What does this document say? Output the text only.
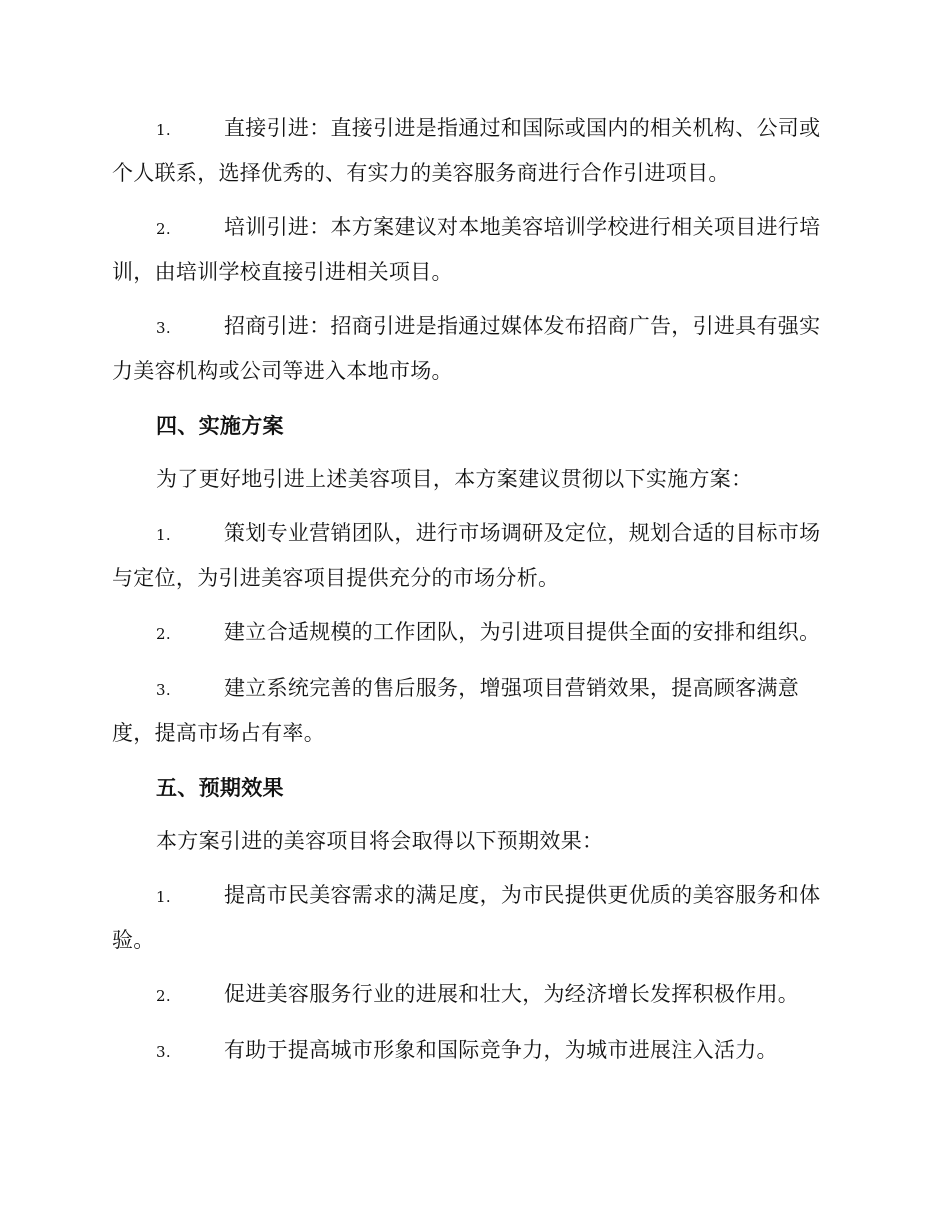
1.	直接引进：直接引进是指通过和国际或国内的相关机构、公司或个人联系，选择优秀的、有实力的美容服务商进行合作引进项目。

2.	培训引进：本方案建议对本地美容培训学校进行相关项目进行培训，由培训学校直接引进相关项目。

3.	招商引进：招商引进是指通过媒体发布招商广告，引进具有强实力美容机构或公司等进入本地市场。

四、实施方案

为了更好地引进上述美容项目，本方案建议贯彻以下实施方案：

1.	策划专业营销团队，进行市场调研及定位，规划合适的目标市场与定位，为引进美容项目提供充分的市场分析。

2.	建立合适规模的工作团队，为引进项目提供全面的安排和组织。

3.	建立系统完善的售后服务，增强项目营销效果，提高顾客满意度，提高市场占有率。

五、预期效果

本方案引进的美容项目将会取得以下预期效果：

1.	提高市民美容需求的满足度，为市民提供更优质的美容服务和体验。

2.	促进美容服务行业的进展和壮大，为经济增长发挥积极作用。

3.	有助于提高城市形象和国际竞争力，为城市进展注入活力。
